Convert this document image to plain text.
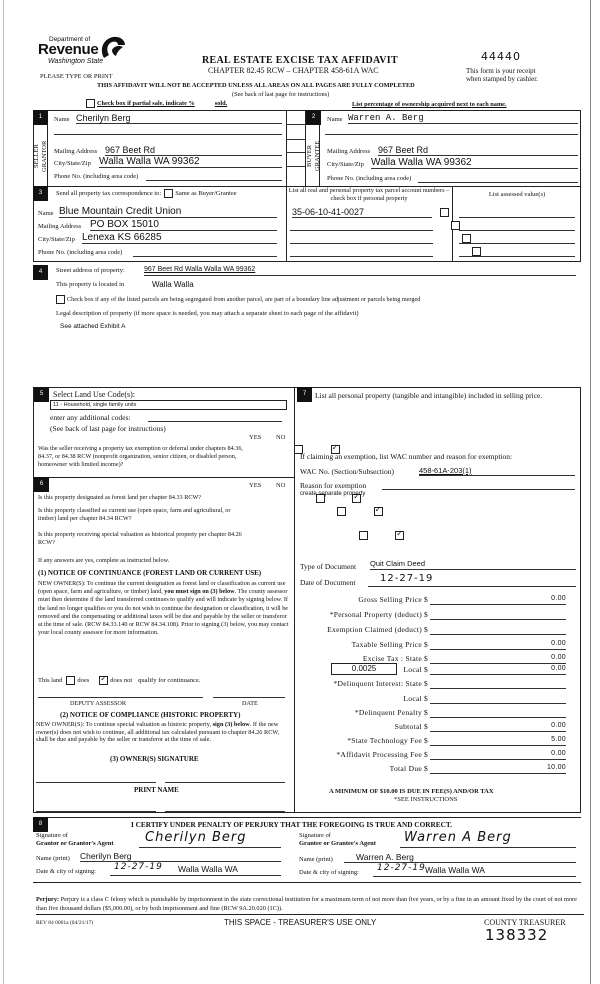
Department of
Revenue
Washington State	REAL ESTATE EXCISE TAX AFFIDAVIT
CHAPTER 82.45 RCW – CHAPTER 458-61A WAC
PLEASE TYPE OR PRINT
THIS AFFIDAVIT WILL NOT BE ACCEPTED UNLESS ALL AREAS ON ALL PAGES ARE FULLY COMPLETED
(See back of last page for instructions)
44440
This form is your receipt
when stamped by cashier.
Check box if partial sale, indicate %	sold.	List percentage of ownership acquired next to each name.
1
SELLER
GRANTOR
Name Cherilyn Berg
Mailing Address 967 Beet Rd
City/State/Zip Walla Walla WA 99362
Phone No. (including area code)
2
BUYER
GRANTEE
Name Warren A. Berg
Mailing Address 967 Beet Rd
City/State/Zip Walla Walla WA 99362
Phone No. (including area code)
3	Send all property tax correspondence to: Same as Buyer/Grantee
Name Blue Mountain Credit Union
Mailing Address PO BOX 15010
City/State/Zip Lenexa KS 66285
Phone No. (including area code)
List all real and personal property tax parcel account numbers – check box if personal property
List assessed value(s)
35-06-10-41-0027

4	Street address of property:	967 Beet Rd Walla Walla WA 99362
This property is located in	Walla Walla
Check box if any of the listed parcels are being segregated from another parcel, are part of a boundary line adjustment or parcels being merged
Legal description of property (if more space is needed, you may attach a separate sheet to each page of the affidavit)
See attached Exhibit A
5	Select Land Use Code(s):
11 - Household, single family units
enter any additional codes:
(See back of last page for instructions)
YES NO
Was the seller receiving a property tax exemption or deferral under chapters 84.36, 84.37, or 84.38 RCW (nonprofit organization, senior citizen, or disabled person, homeowner with limited income)?
✓
6	YES NO
Is this property designated as forest land per chapter 84.33 RCW?
✓
Is this property classified as current use (open space, farm and agricultural, or timber) land per chapter 84.34 RCW?
✓
Is this property receiving special valuation as historical property per chapter 84.26 RCW?
✓
If any answers are yes, complete as instructed below.
(1) NOTICE OF CONTINUANCE (FOREST LAND OR CURRENT USE)
NEW OWNER(S): To continue the current designation as forest land or classification as current use (open space, farm and agriculture, or timber) land, you must sign on (3) below. The county assessor must then determine if the land transferred continues to qualify and will indicate by signing below. If the land no longer qualifies or you do not wish to continue the designation or classification, it will be removed and the compensating or additional taxes will be due and payable by the seller or transferor at the time of sale. (RCW 84.33.140 or RCW 84.34.108). Prior to signing (3) below, you may contact your local county assessor for more information.
This land does ✓	does not qualify for continuance.
DEPUTY ASSESSOR	DATE
(2) NOTICE OF COMPLIANCE (HISTORIC PROPERTY)
NEW OWNER(S): To continue special valuation as historic property, sign (3) below. If the new owner(s) does not wish to continue, all additional tax calculated pursuant to chapter 84.26 RCW, shall be due and payable by the seller or transferor at the time of sale.
(3) OWNER(S) SIGNATURE
PRINT NAME
7	List all personal property (tangible and intangible) included in selling price.
If claiming an exemption, list WAC number and reason for exemption:
WAC No. (Section/Subsection)	458-61A-203(1)
Reason for exemption
create separate property
Type of Document Quit Claim Deed
Date of Document 12-27-19
Gross Selling Price $	0.00
*Personal Property (deduct) $
Exemption Claimed (deduct) $
Taxable Selling Price $	0.00
Excise Tax : State $	0.00
0.0025	Local $	0.00
*Delinquent Interest: State $
Local $
*Delinquent Penalty $
Subtotal $	0.00
*State Technology Fee $	5.00
*Affidavit Processing Fee $	0.00
Total Due $	10.00
A MINIMUM OF $10.00 IS DUE IN FEE(S) AND/OR TAX
*SEE INSTRUCTIONS
8	I CERTIFY UNDER PENALTY OF PERJURY THAT THE FOREGOING IS TRUE AND CORRECT.
Signature of
Grantor or Grantor's Agent Cherilyn Berg
Name (print) Cherilyn Berg
Date & city of signing: 12-27-19 Walla Walla WA
Signature of
Grantee or Grantee's Agent Warren A Berg
Name (print)	Warren A. Berg
Date & city of signing: 12-27-19 Walla Walla WA
Perjury: Perjury is a class C felony which is punishable by imprisonment in the state correctional institution for a maximum term of not more than five years, or by a fine in an amount fixed by the court of not more than five thousand dollars ($5,000.00), or by both imprisonment and fine (RCW 9A.20.020 (1C)).
REV 84 0001a (04/21/17)	THIS SPACE - TREASURER'S USE ONLY	COUNTY TREASURER
138332
